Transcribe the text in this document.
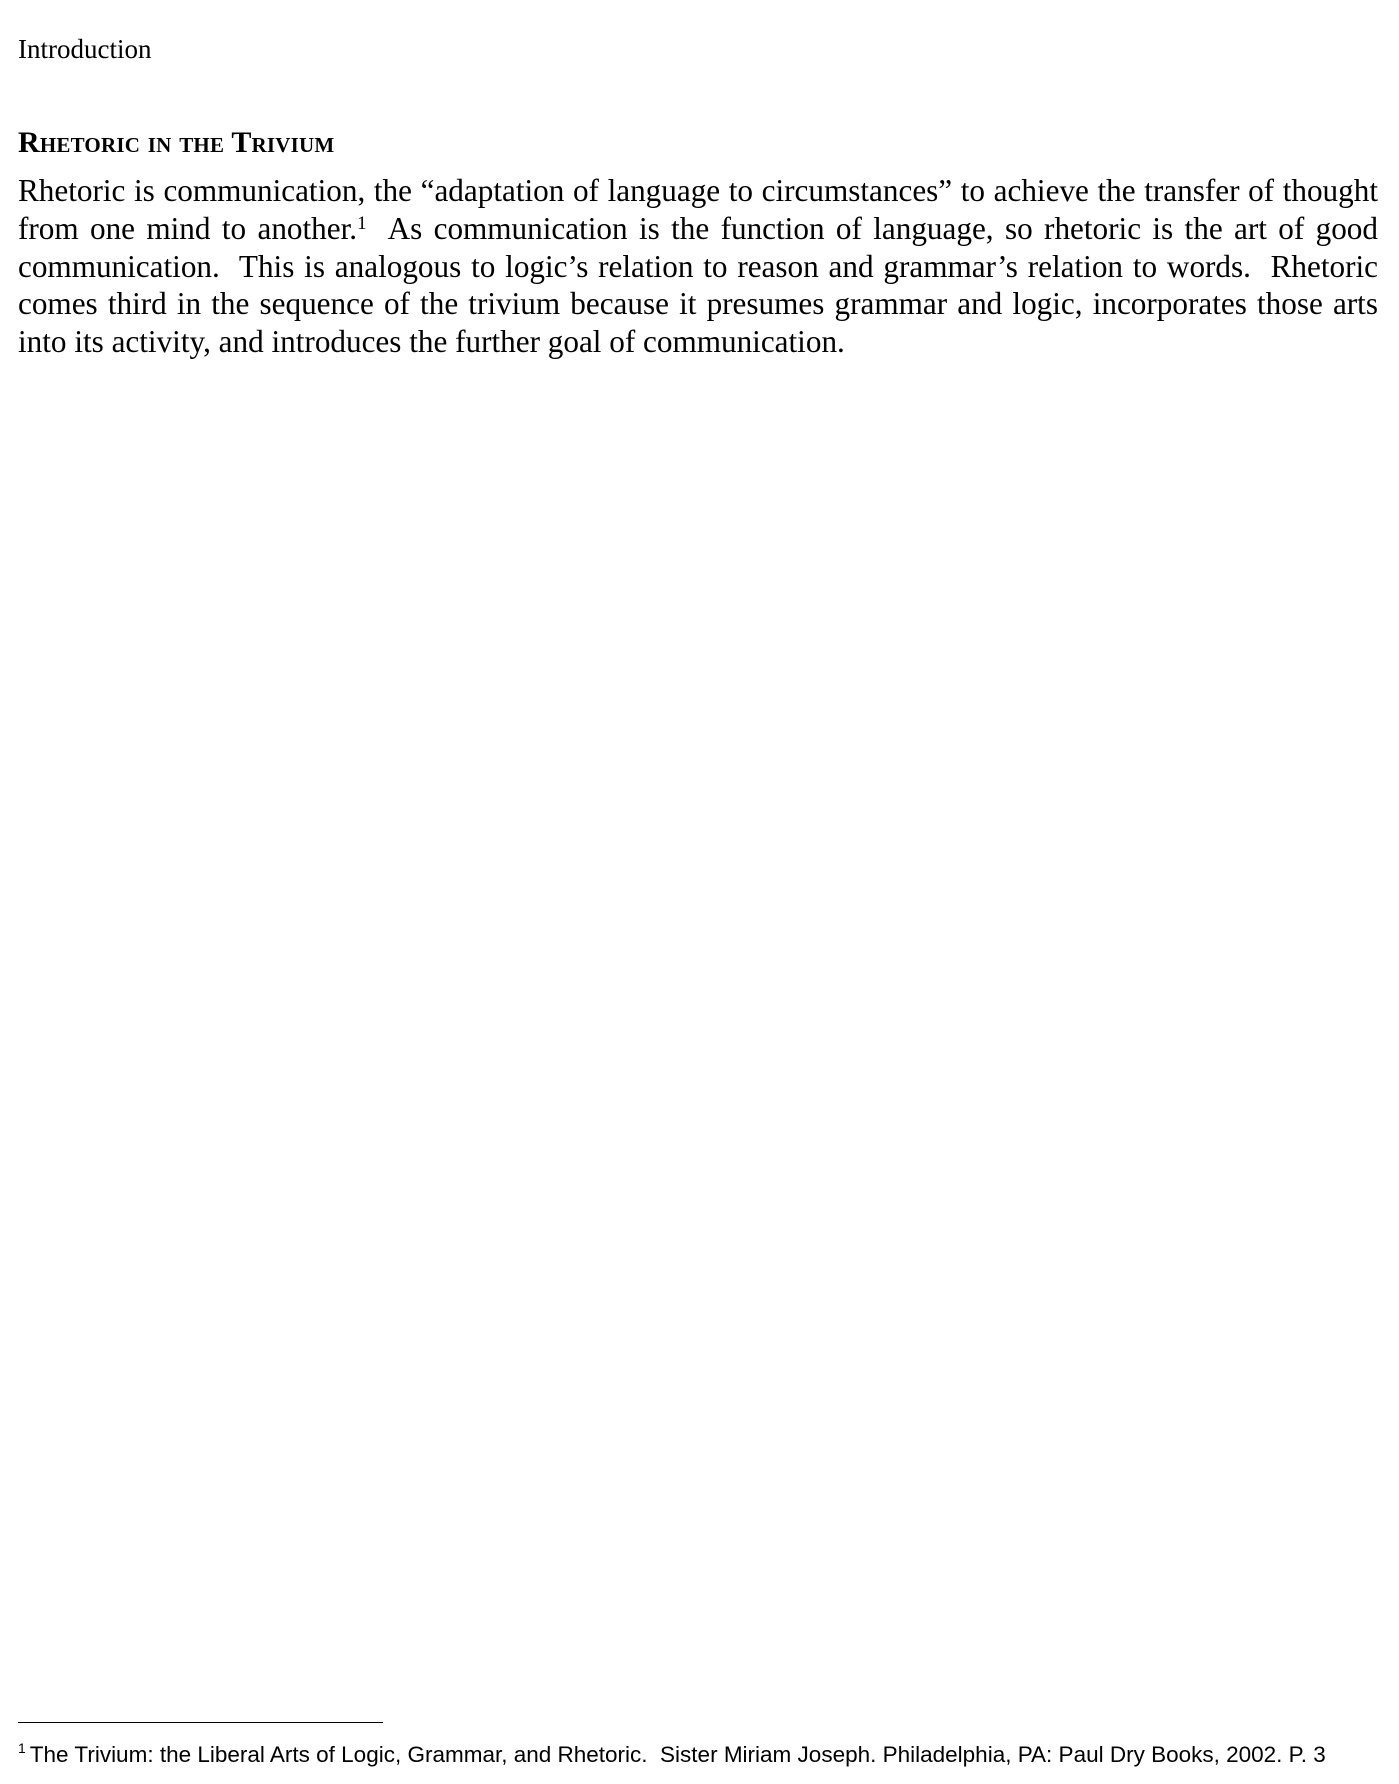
Introduction
Rhetoric in the Trivium

Rhetoric is communication, the “adaptation of language to circumstances” to achieve the transfer of thought from one mind to another.$^1$  As communication is the function of language, so rhetoric is the art of good communication.  This is analogous to logic’s relation to reason and grammar’s relation to words.  Rhetoric comes third in the sequence of the trivium because it presumes grammar and logic, incorporates those arts into its activity, and introduces the further goal of communication.

$^1$ The Trivium: the Liberal Arts of Logic, Grammar, and Rhetoric.  Sister Miriam Joseph. Philadelphia, PA: Paul Dry Books, 2002. P. 3
